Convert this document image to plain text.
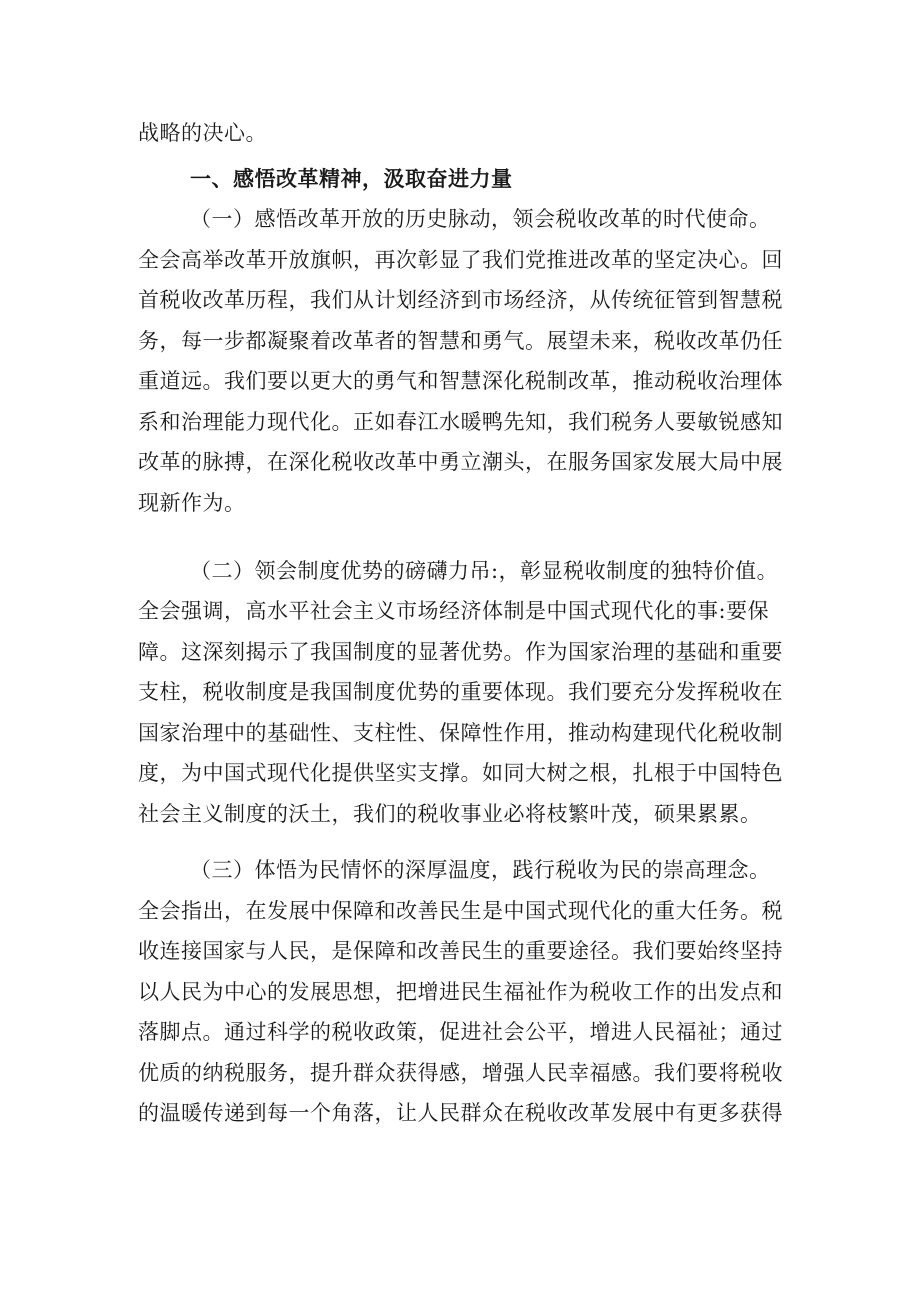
战略的决心。
一、感悟改革精神，汲取奋进力量
（一）感悟改革开放的历史脉动，领会税收改革的时代使命。
全会高举改革开放旗帜，再次彰显了我们党推进改革的坚定决心。回
首税收改革历程，我们从计划经济到市场经济，从传统征管到智慧税
务，每一步都凝聚着改革者的智慧和勇气。展望未来，税收改革仍任
重道远。我们要以更大的勇气和智慧深化税制改革，推动税收治理体
系和治理能力现代化。正如春江水暖鸭先知，我们税务人要敏锐感知
改革的脉搏，在深化税收改革中勇立潮头，在服务国家发展大局中展
现新作为。
（二）领会制度优势的磅礴力吊:，彰显税收制度的独特价值。
全会强调，高水平社会主义市场经济体制是中国式现代化的事:要保
障。这深刻揭示了我国制度的显著优势。作为国家治理的基础和重要
支柱，税收制度是我国制度优势的重要体现。我们要充分发挥税收在
国家治理中的基础性、支柱性、保障性作用，推动构建现代化税收制
度，为中国式现代化提供坚实支撑。如同大树之根，扎根于中国特色
社会主义制度的沃土，我们的税收事业必将枝繁叶茂，硕果累累。
（三）体悟为民情怀的深厚温度，践行税收为民的崇高理念。
全会指出，在发展中保障和改善民生是中国式现代化的重大任务。税
收连接国家与人民，是保障和改善民生的重要途径。我们要始终坚持
以人民为中心的发展思想，把增进民生福祉作为税收工作的出发点和
落脚点。通过科学的税收政策，促进社会公平，增进人民福祉；通过
优质的纳税服务，提升群众获得感，增强人民幸福感。我们要将税收
的温暖传递到每一个角落，让人民群众在税收改革发展中有更多获得
